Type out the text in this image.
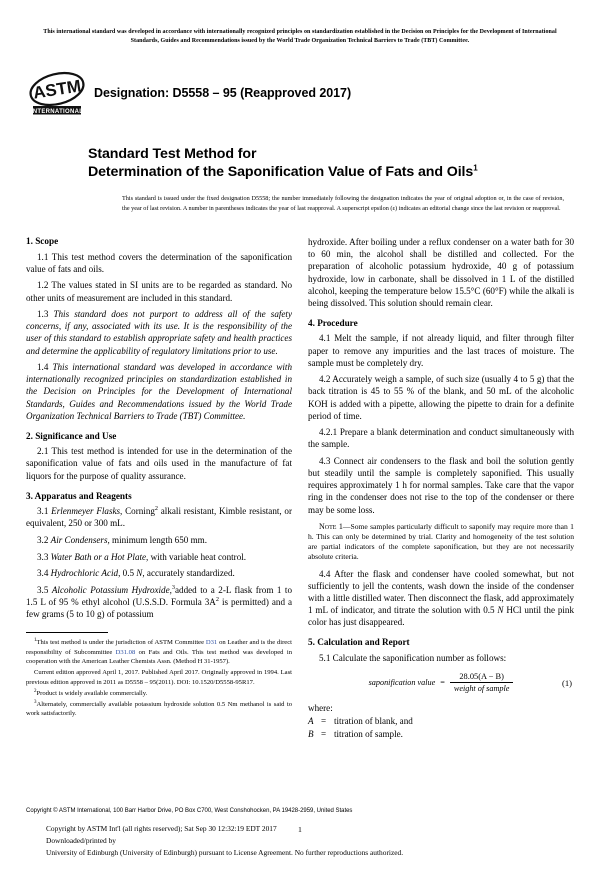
This international standard was developed in accordance with internationally recognized principles on standardization established in the Decision on Principles for the Development of International Standards, Guides and Recommendations issued by the World Trade Organization Technical Barriers to Trade (TBT) Committee.
ASTM
INTERNATIONAL
Designation: D5558 – 95 (Reapproved 2017)
Standard Test Method for
Determination of the Saponification Value of Fats and Oils$^1$
This standard is issued under the fixed designation D5558; the number immediately following the designation indicates the year of original adoption or, in the case of revision, the year of last revision. A number in parentheses indicates the year of last reapproval. A superscript epsilon (ε) indicates an editorial change since the last revision or reapproval.
1. Scope

1.1 This test method covers the determination of the saponification value of fats and oils.

1.2 The values stated in SI units are to be regarded as standard. No other units of measurement are included in this standard.

1.3 This standard does not purport to address all of the safety concerns, if any, associated with its use. It is the responsibility of the user of this standard to establish appropriate safety and health practices and determine the applicability of regulatory limitations prior to use.

1.4 This international standard was developed in accordance with internationally recognized principles on standardization established in the Decision on Principles for the Development of International Standards, Guides and Recommendations issued by the World Trade Organization Technical Barriers to Trade (TBT) Committee.

2. Significance and Use

2.1 This test method is intended for use in the determination of the saponification value of fats and oils used in the manufacture of fat liquors for the purpose of quality assurance.

3. Apparatus and Reagents

3.1 Erlenmeyer Flasks, Corning$^2$ alkali resistant, Kimble resistant, or equivalent, 250 or 300 mL.

3.2 Air Condensers, minimum length 650 mm.

3.3 Water Bath or a Hot Plate, with variable heat control.

3.4 Hydrochloric Acid, 0.5 N, accurately standardized.

3.5 Alcoholic Potassium Hydroxide,$^3$added to a 2-L flask from 1 to 1.5 L of 95 % ethyl alcohol (U.S.S.D. Formula $3A^2$ is permitted) and a few grams (5 to 10 g) of potassium

$^1$This test method is under the jurisdiction of ASTM Committee D31 on Leather and is the direct responsibility of Subcommittee D31.08 on Fats and Oils. This test method was developed in cooperation with the American Leather Chemists Assn. (Method H 31-1957).

Current edition approved April 1, 2017. Published April 2017. Originally approved in 1994. Last previous edition approved in 2011 as D5558 – 95(2011). DOI: 10.1520/D5558-95R17.

$^2$Product is widely available commercially.

$^3$Alternately, commercially available potassium hydroxide solution 0.5 Nm methanol is said to work satisfactorily.

hydroxide. After boiling under a reflux condenser on a water bath for 30 to 60 min, the alcohol shall be distilled and collected. For the preparation of alcoholic potassium hydroxide, 40 g of potassium hydroxide, low in carbonate, shall be dissolved in 1 L of the distilled alcohol, keeping the temperature below 15.5°C (60°F) while the alkali is being dissolved. This solution should remain clear.

4. Procedure

4.1 Melt the sample, if not already liquid, and filter through filter paper to remove any impurities and the last traces of moisture. The sample must be completely dry.

4.2 Accurately weigh a sample, of such size (usually 4 to 5 g) that the back titration is 45 to 55 % of the blank, and 50 mL of the alcoholic KOH is added with a pipette, allowing the pipette to drain for a definite period of time.

4.2.1 Prepare a blank determination and conduct simultaneously with the sample.

4.3 Connect air condensers to the flask and boil the solution gently but steadily until the sample is completely saponified. This usually requires approximately 1 h for normal samples. Take care that the vapor ring in the condenser does not rise to the top of the condenser or there may be some loss.

Note 1—Some samples particularly difficult to saponify may require more than 1 h. This can only be determined by trial. Clarity and homogeneity of the test solution are partial indicators of the complete saponification, but they are not necessarily absolute criteria.

4.4 After the flask and condenser have cooled somewhat, but not sufficiently to jell the contents, wash down the inside of the condenser with a little distilled water. Then disconnect the flask, add approximately 1 mL of indicator, and titrate the solution with 0.5 N HCl until the pink color has just disappeared.

5. Calculation and Report

5.1 Calculate the saponification number as follows:

saponification value = $\frac{28.05(A - B)}{\text{weight of sample}}$	(1)
where:
A = titration of blank, and
B = titration of sample.
Copyright © ASTM International, 100 Barr Harbor Drive, PO Box C700, West Conshohocken, PA 19428-2959, United States
Copyright by ASTM Int'l (all rights reserved); Sat Sep 30 12:32:19 EDT 2017
Downloaded/printed by
University of Edinburgh (University of Edinburgh) pursuant to License Agreement. No further reproductions authorized.
1
